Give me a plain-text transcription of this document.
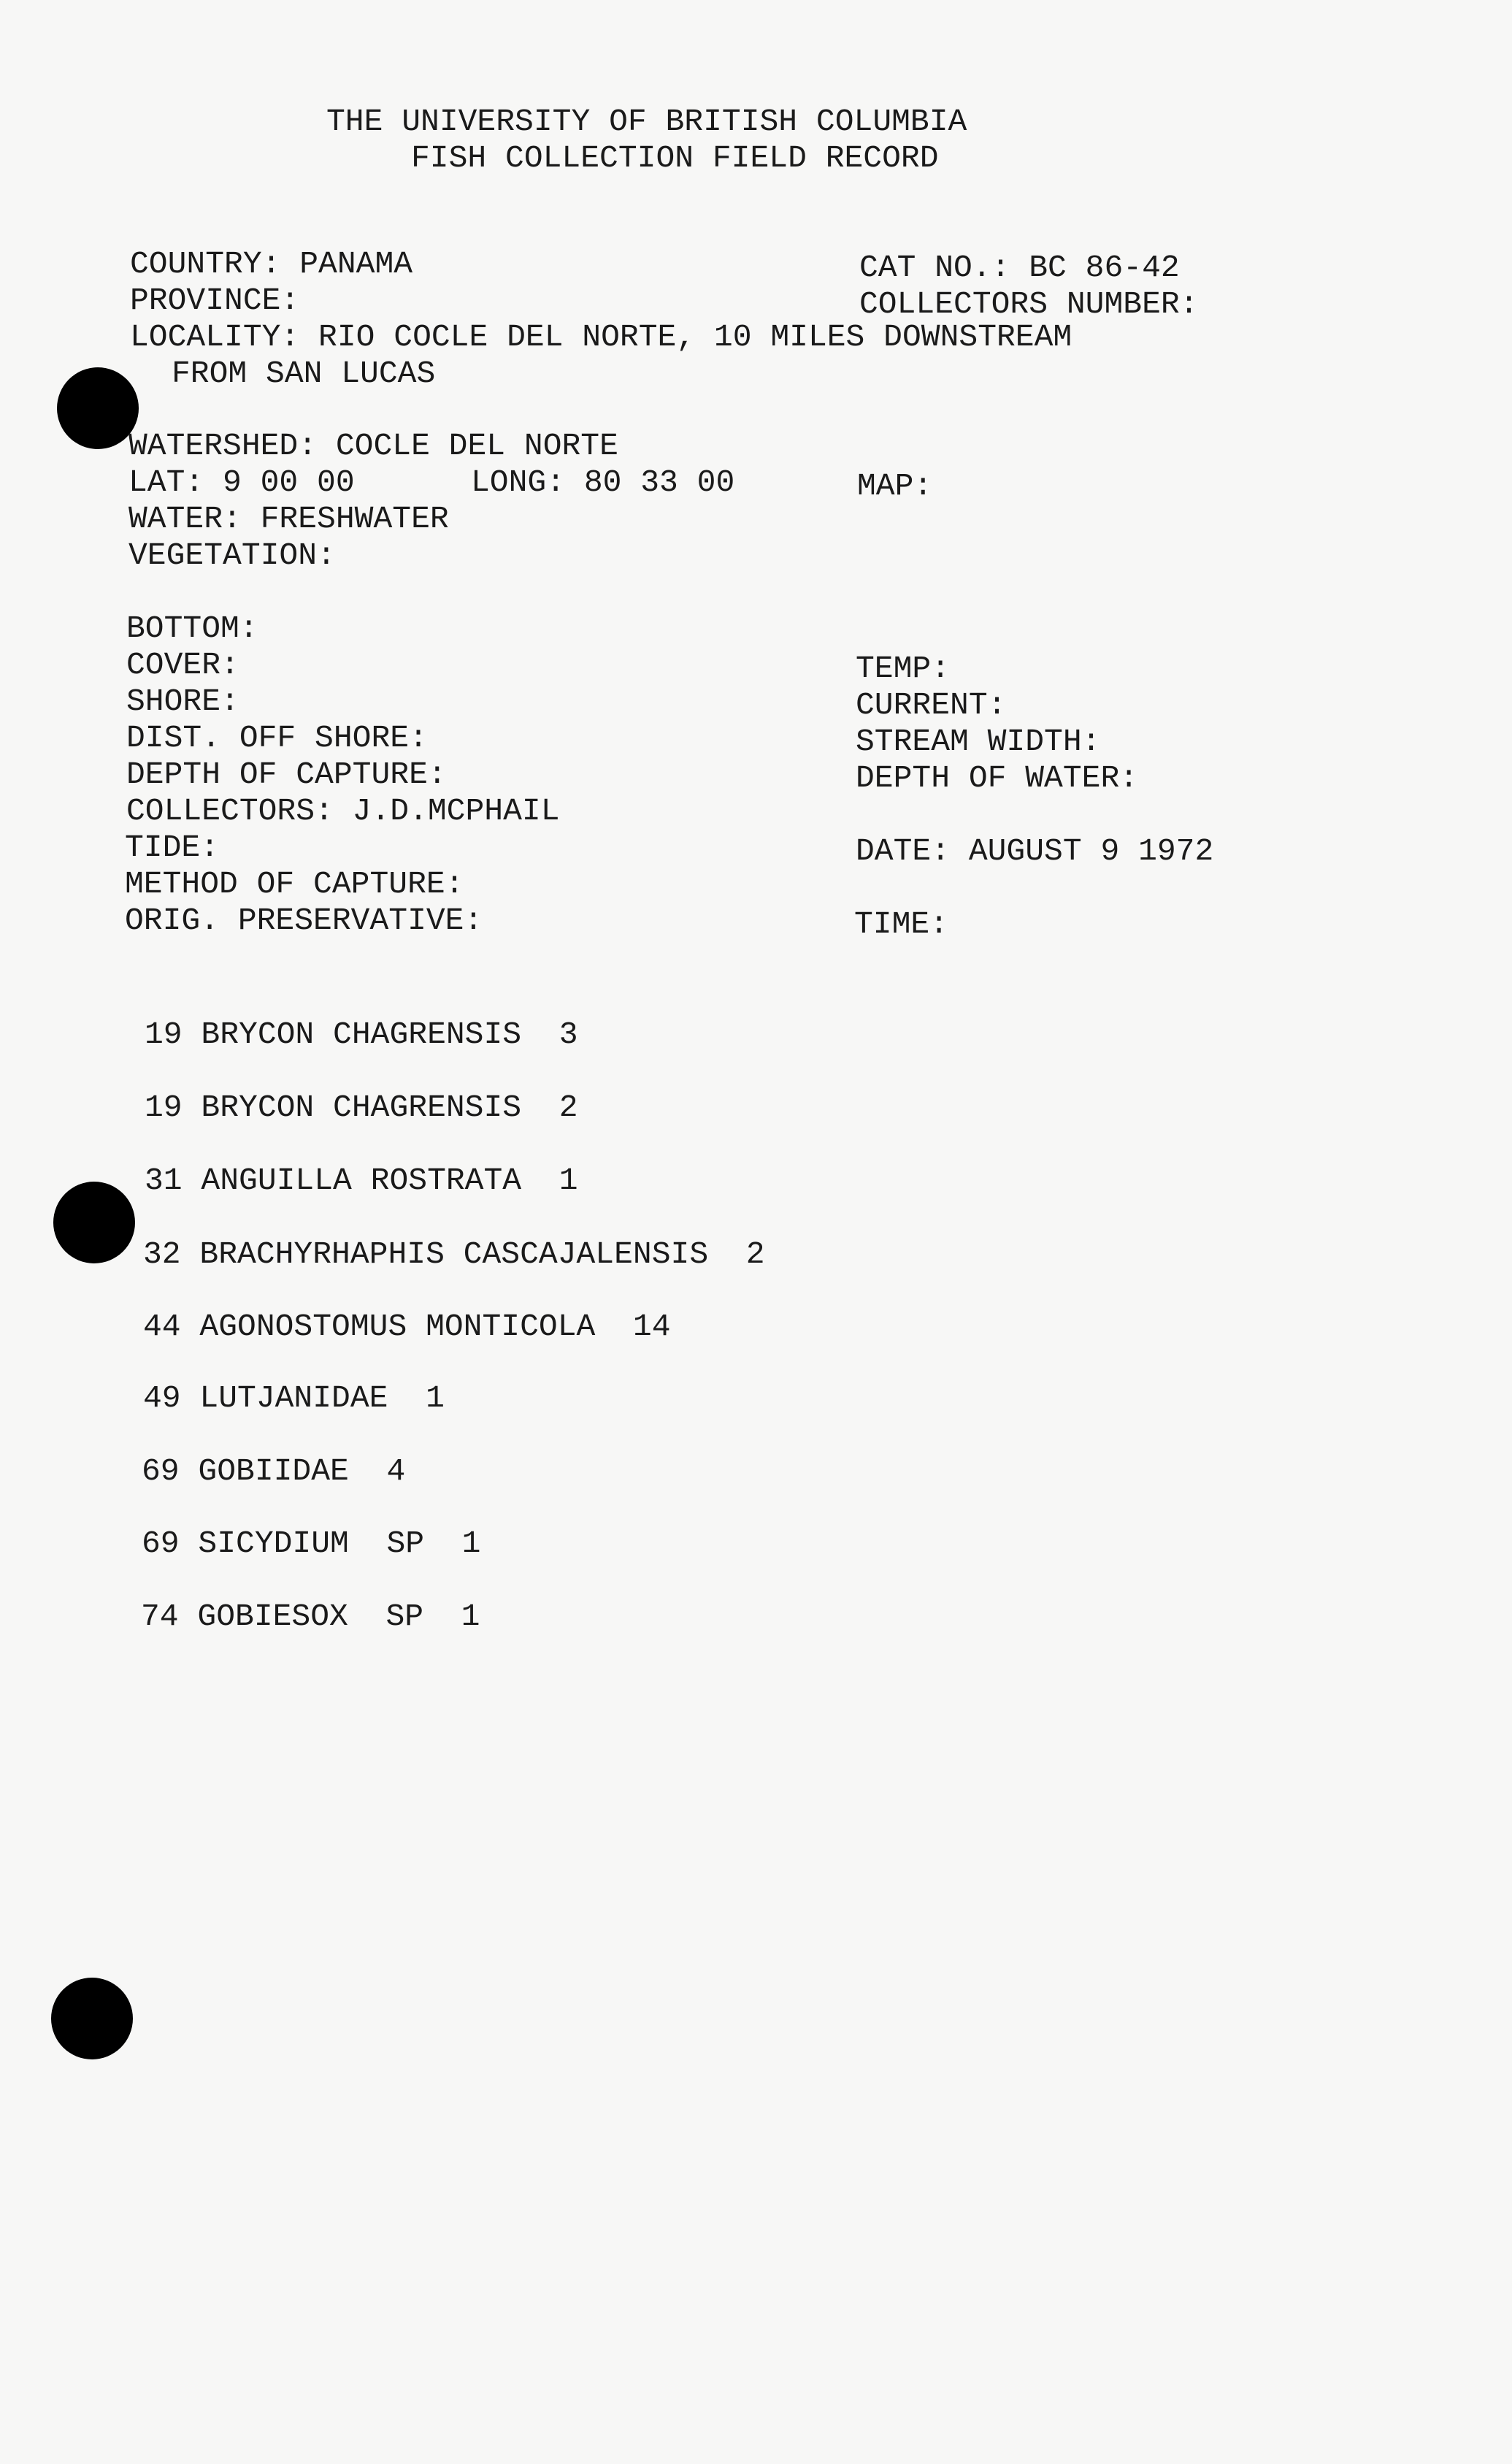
THE UNIVERSITY OF BRITISH COLUMBIA
FISH COLLECTION FIELD RECORD
COUNTRY: PANAMA	CAT NO.: BC 86-42
PROVINCE:	COLLECTORS NUMBER:
LOCALITY: RIO COCLE DEL NORTE, 10 MILES DOWNSTREAM
FROM SAN LUCAS
WATERSHED: COCLE DEL NORTE
LAT: 9 00 00	LONG: 80 33 00	MAP:
WATER: FRESHWATER
VEGETATION:
BOTTOM:
COVER:	TEMP:
SHORE:	CURRENT:
DIST. OFF SHORE:	STREAM WIDTH:
DEPTH OF CAPTURE:	DEPTH OF WATER:
COLLECTORS: J.D.MCPHAIL
TIDE:	DATE: AUGUST 9 1972
METHOD OF CAPTURE:
ORIG. PRESERVATIVE:	TIME:
19 BRYCON CHAGRENSIS  3
19 BRYCON CHAGRENSIS  2
31 ANGUILLA ROSTRATA  1
32 BRACHYRHAPHIS CASCAJALENSIS  2
44 AGONOSTOMUS MONTICOLA  14
49 LUTJANIDAE  1
69 GOBIIDAE  4
69 SICYDIUM  SP  1
74 GOBIESOX  SP  1
